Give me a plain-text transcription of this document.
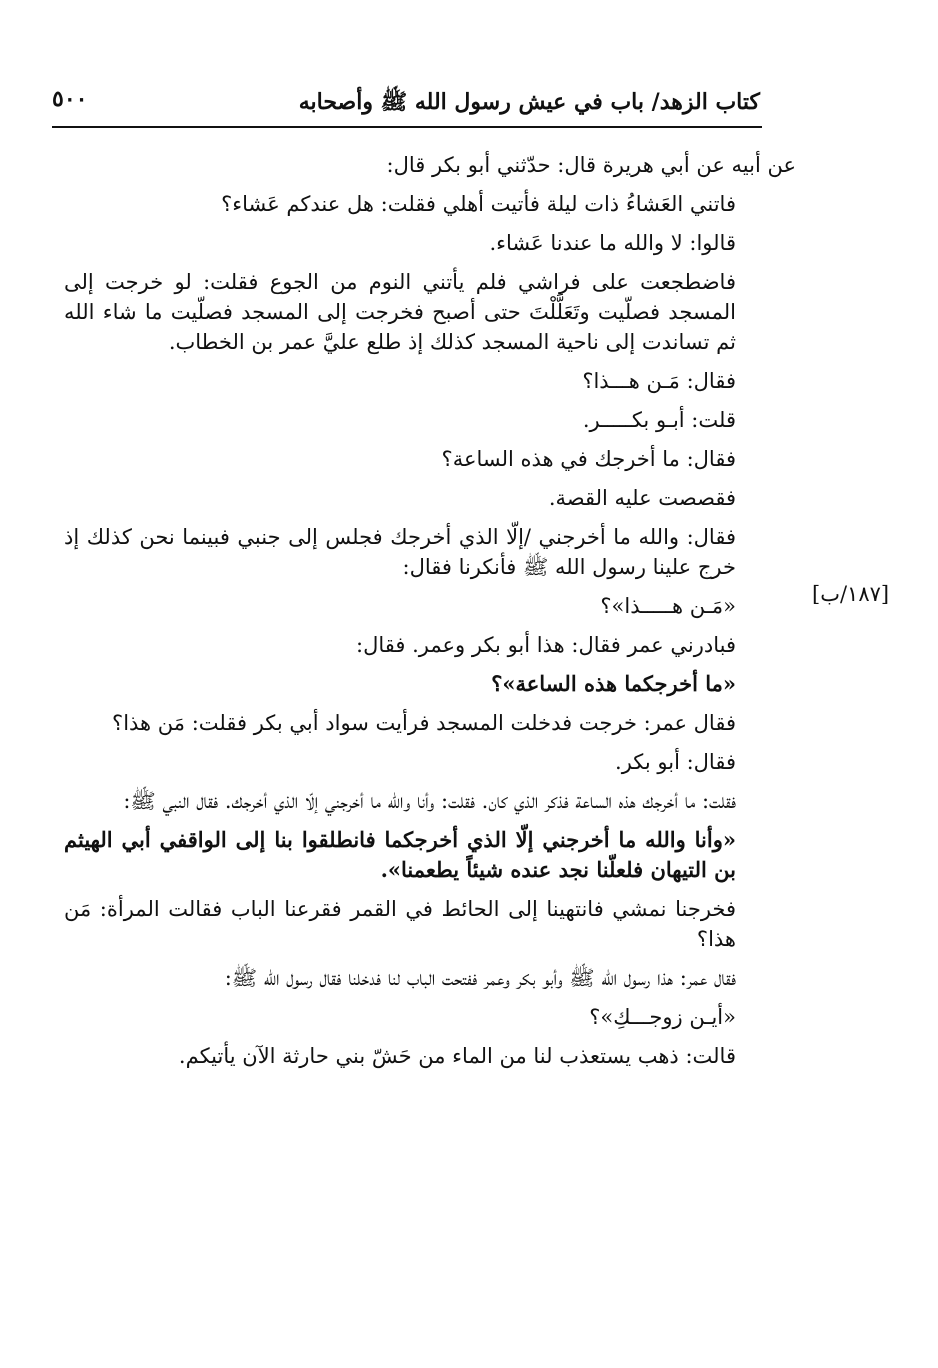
كتاب الزهد/ باب في عيش رسول الله ﷺ وأصحابه
٥٠٠
[١٨٧/ب]

عن أبيه عن أبي هريرة قال: حدّثني أبو بكر قال:

فاتني العَشاءُ ذات ليلة فأتيت أهلي فقلت: هل عندكم عَشاء؟

قالوا: لا والله ما عندنا عَشاء.

فاضطجعت على فراشي فلم يأتني النوم من الجوع فقلت: لو خرجت إلى المسجد فصلّيت وتَعَلَّلْتَ حتى أصبح فخرجت إلى المسجد فصلّيت ما شاء الله ثم تساندت إلى ناحية المسجد كذلك إذ طلع عليَّ عمر بن الخطاب.

فقال: مَـن هـــذا؟

قلت: أبـو بكـــــر.

فقال: ما أخرجك في هذه الساعة؟

فقصصت عليه القصة.

فقال: والله ما أخرجني /إلّا الذي أخرجك فجلس إلى جنبي فبينما نحن كذلك إذ خرج علينا رسول الله ﷺ فأنكرنا فقال:

«مَـن هـــــذا»؟

فبادرني عمر فقال: هذا أبو بكر وعمر. فقال:

«ما أخرجكما هذه الساعة»؟

فقال عمر: خرجت فدخلت المسجد فرأيت سواد أبي بكر فقلت: مَن هذا؟

فقال: أبو بكر.

فقلت: ما أخرجك هذه الساعة فذكر الذي كان. فقلت: وأنا والله ما أخرجني إلّا الذي أخرجك. فقال النبي ﷺ:

«وأنا والله ما أخرجني إلّا الذي أخرجكما فانطلقوا بنا إلى الواقفي أبي الهيثم بن التيهان فلعلّنا نجد عنده شيئاً يطعمنا».

فخرجنا نمشي فانتهينا إلى الحائط في القمر فقرعنا الباب فقالت المرأة: مَن هذا؟

فقال عمر: هذا رسول الله ﷺ وأبو بكر وعمر ففتحت الباب لنا فدخلنا فقال رسول الله ﷺ:

«أيـن زوجـــكِ»؟

قالت: ذهب يستعذب لنا من الماء من حَشّ بني حارثة الآن يأتيكم.
